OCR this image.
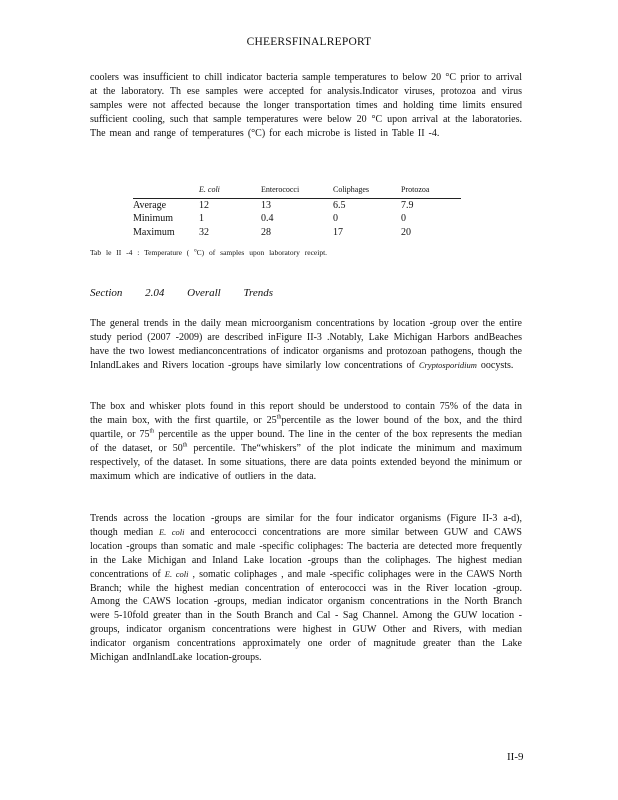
CHEERSFINALREPORT

coolers was insufficient to chill indicator bacteria sample temperatures to below 20 °C prior to arrival at the laboratory. Th ese samples were accepted for analysis.Indicator viruses, protozoa and virus samples were not affected because the longer transportation times and holding time limits ensured sufficient cooling, such that sample temperatures were below 20 °C upon arrival at the laboratories. The mean and range of temperatures (°C) for each microbe is listed in Table II -4.

	E. coli	Enterococci	Coliphages	Protozoa
Average	12	13	6.5	7.9
Minimum	1	0.4	0	0
Maximum	32	28	17	20
Tab le II -4 : Temperature ( $^o$C) of samples upon laboratory receipt.
Section 2.04 Overall Trends

The general trends in the daily mean microorganism concentrations by location -group over the entire study period (2007 -2009) are described inFigure II-3 .Notably, Lake Michigan Harbors andBeaches have the two lowest medianconcentrations of indicator organisms and protozoan pathogens, though the InlandLakes and Rivers location -groups have similarly low concentrations of Cryptosporidium oocysts.

The box and whisker plots found in this report should be understood to contain 75% of the data in the main box, with the first quartile, or 25thpercentile as the lower bound of the box, and the third quartile, or 75th percentile as the upper bound. The line in the center of the box represents the median of the dataset, or 50th percentile. The“whiskers” of the plot indicate the minimum and maximum respectively, of the dataset. In some situations, there are data points extended beyond the minimum or maximum which are indicative of outliers in the data.

Trends across the location -groups are similar for the four indicator organisms (Figure II-3 a-d), though median E. coli and enterococci concentrations are more similar between GUW and CAWS location -groups than somatic and male -specific coliphages: The bacteria are detected more frequently in the Lake Michigan and Inland Lake location -groups than the coliphages. The highest median concentrations of E. coli , somatic coliphages , and male -specific coliphages were in the CAWS North Branch; while the highest median concentration of enterococci was in the River location -group. Among the CAWS location -groups, median indicator organism concentrations in the North Branch were 5-10fold greater than in the South Branch and Cal - Sag Channel. Among the GUW location -groups, indicator organism concentrations were highest in GUW Other and Rivers, with median indicator organism concentrations approximately one order of magnitude greater than the Lake Michigan andInlandLake location-groups.

II-9
